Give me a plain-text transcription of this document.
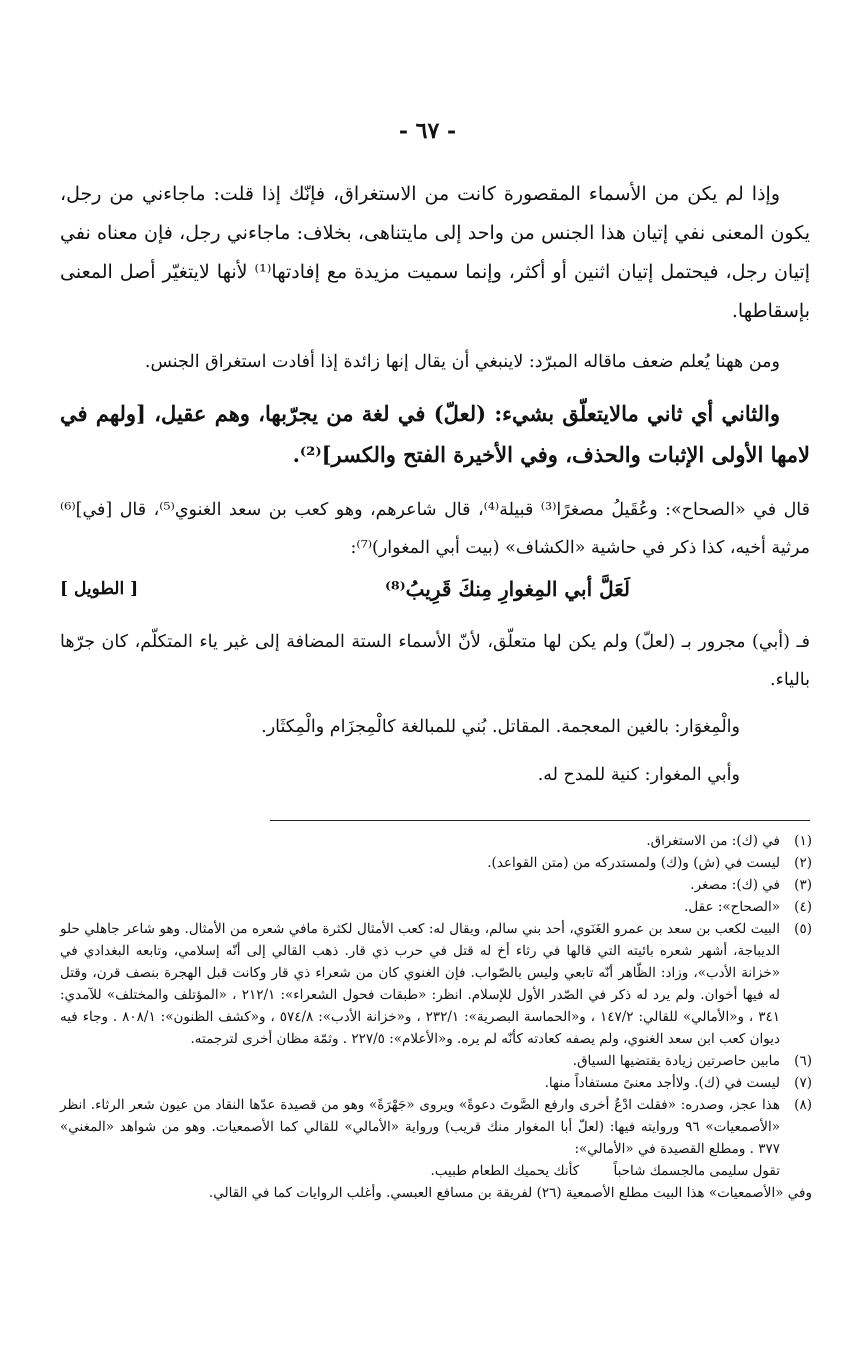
- ٦٧ -

وإذا لم يكن من الأسماء المقصورة كانت من الاستغراق، فإنّك إذا قلت: ماجاءني من رجل، يكون المعنى نفي إتيان هذا الجنس من واحد إلى مايتناهى، بخلاف: ماجاءني رجل، فإن معناه نفي إتيان رجل، فيحتمل إتيان اثنين أو أكثر، وإنما سميت مزيدة مع إفادتها⁽¹⁾ لأنها لايتغيّر أصل المعنى بإسقاطها.

ومن ههنا يُعلم ضعف ماقاله المبرّد: لاينبغي أن يقال إنها زائدة إذا أفادت استغراق الجنس.

والثاني أي ثاني مالايتعلّق بشيء: (لعلّ) في لغة من يجرّبها، وهم عقيل، [ولهم في لامها الأولى الإثبات والحذف، وفي الأخيرة الفتح والكسر]⁽²⁾.

قال في «الصحاح»: وعُقَيلُ مصغرًا⁽³⁾ قبيلة⁽⁴⁾، قال شاعرهم، وهو كعب بن سعد الغنوي⁽⁵⁾، قال [في]⁽⁶⁾ مرثية أخيه، كذا ذكر في حاشية «الكشاف» (بيت أبي المغوار)⁽⁷⁾:

لَعَلَّ أبي المِغوارِ مِنكَ قَرِيبُ⁽⁸⁾
[ الطويل ]

فـ (أبي) مجرور بـ (لعلّ) ولم يكن لها متعلّق، لأنّ الأسماء الستة المضافة إلى غير ياء المتكلّم، كان جرّها بالياء.

والْمِغوَار: بالغين المعجمة. المقاتل. بُني للمبالغة كالْمِجزَام والْمِكثَار.

وأبي المغوار: كنية للمدح له.

(١)
في (ك): من الاستغراق.
(٢)
ليست في (ش) و(ك) ولمستدركه من (متن القواعد).
(٣)
في (ك): مصغر.
(٤)
«الصحاح»: عقل.
(٥)
البيت لكعب بن سعد بن عمرو الغَنَوي، أحد بني سالم، ويقال له: كعب الأمثال لكثرة مافي شعره من الأمثال. وهو شاعر جاهلي حلو الديباجة، أشهر شعره بائيته التي قالها في رثاء أخ له قتل في حرب ذي قار. ذهب القالي إلى أنّه إسلامي، وتابعه البغدادي في «خزانة الأدب»، وزاد: الظّاهر أنّه تابعي وليس بالصّواب. فإن الغنوي كان من شعراء ذي قار وكانت قبل الهجرة بنصف قرن، وقتل له فيها أخوان. ولم يرد له ذكر في الصّدر الأول للإسلام. انظر: «طبقات فحول الشعراء»: ٢١٢/١ ، «المؤتلف والمختلف» للآمدي: ٣٤١ ، و«الأمالي» للقالي: ١٤٧/٢ ، و«الحماسة البصرية»: ٢٣٢/١ ، و«خزانة الأدب»: ٥٧٤/٨ ، و«كشف الظنون»: ٨٠٨/١ . وجاء فيه ديوان كعب ابن سعد الغنوي، ولم يصفه كعادته كأنّه لم يره. و«الأعلام»: ٢٢٧/٥ . وثمّة مظان أخرى لترجمته.
(٦)
مابين حاصرتين زيادة يقتضيها السياق.
(٧)
ليست في (ك). ولاأجد معنىً مستفاداً منها.
(٨)
هذا عجز، وصدره: «فقلت ادْعُ أخرى وارفع الصَّوتَ دعوةً» ويروى «جَهْرَةً» وهو من قصيدة عدّها النقاد من عيون شعر الرثاء. انظر «الأصمعيات» ٩٦ وروايته فيها: (لعلّ أبا المغوار منك قريب) ورواية «الأمالي» للقالي كما الأصمعيات. وهو من شواهد «المغني» ٣٧٧ . ومطلع القصيدة في «الأمالي»:
تقول سليمى مالجسمك شاحباً        كأنك يحميك الطعام طبيب.
وفي «الأصمعيات» هذا البيت مطلع الأصمعية (٢٦) لفريقة بن مسافع العبسي. وأغلب الروايات كما في القالي.
